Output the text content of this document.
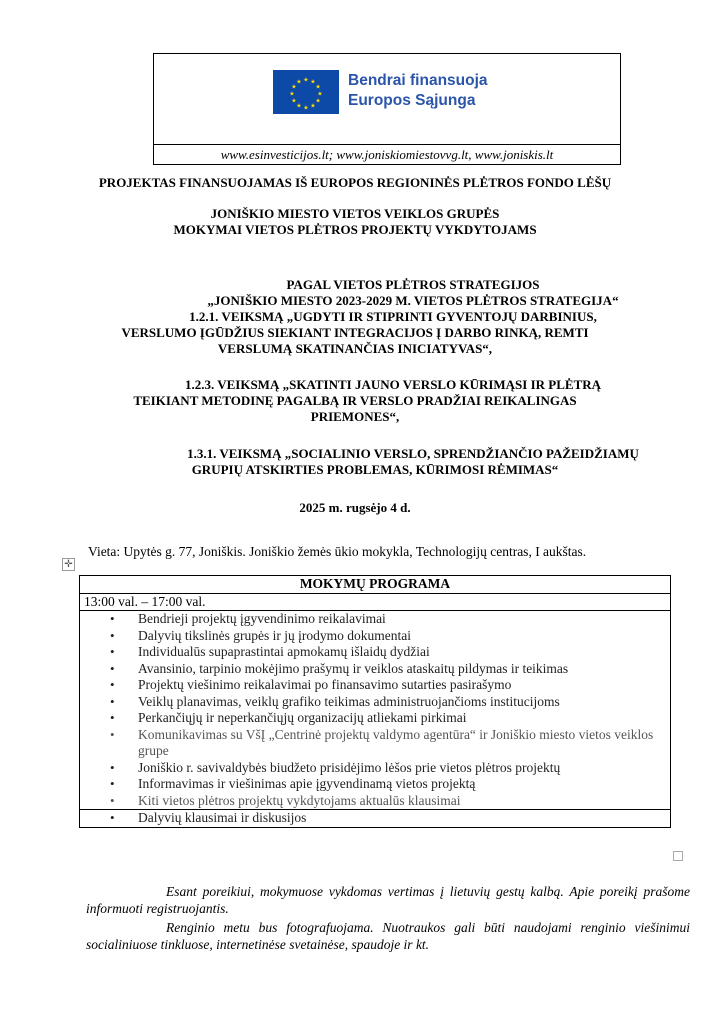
★ ★
★
★
★
★
★
★
★
★
★
★	Bendrai finansuoja
Europos Sąjunga
www.esinvesticijos.lt; www.joniskiomiestovvg.lt, www.joniskis.lt

PROJEKTAS FINANSUOJAMAS IŠ EUROPOS REGIONINĖS PLĖTROS FONDO LĖŠŲ

JONIŠKIO MIESTO VIETOS VEIKLOS GRUPĖS

MOKYMAI VIETOS PLĖTROS PROJEKTŲ VYKDYTOJAMS

PAGAL VIETOS PLĖTROS STRATEGIJOS

„JONIŠKIO MIESTO 2023-2029 M. VIETOS PLĖTROS STRATEGIJA“

1.2.1. VEIKSMĄ „UGDYTI IR STIPRINTI GYVENTOJŲ DARBINIUS,

VERSLUMO ĮGŪDŽIUS SIEKIANT INTEGRACIJOS Į DARBO RINKĄ, REMTI

VERSLUMĄ SKATINANČIAS INICIATYVAS“,

1.2.3. VEIKSMĄ „SKATINTI JAUNO VERSLO KŪRIMĄSI IR PLĖTRĄ

TEIKIANT METODINĘ PAGALBĄ IR VERSLO PRADŽIAI REIKALINGAS

PRIEMONES“,

1.3.1. VEIKSMĄ „SOCIALINIO VERSLO, SPRENDŽIANČIO PAŽEIDŽIAMŲ

GRUPIŲ ATSKIRTIES PROBLEMAS, KŪRIMOSI RĖMIMAS“

2025 m. rugsėjo 4 d.

Vieta: Upytės g. 77, Joniškis. Joniškio žemės ūkio mokykla, Technologijų centras, I aukštas.
✛
MOKYMŲ PROGRAMA
13:00 val. – 17:00 val.

• Bendrieji projektų įgyvendinimo reikalavimai
• Dalyvių tikslinės grupės ir jų įrodymo dokumentai
• Individualūs supaprastintai apmokamų išlaidų dydžiai
• Avansinio, tarpinio mokėjimo prašymų ir veiklos ataskaitų pildymas ir teikimas
• Projektų viešinimo reikalavimai po finansavimo sutarties pasirašymo
• Veiklų planavimas, veiklų grafiko teikimas administruojančioms institucijoms
• Perkančiųjų ir neperkančiųjų organizacijų atliekami pirkimai
• Komunikavimas su VšĮ „Centrinė projektų valdymo agentūra“ ir Joniškio miesto vietos veiklos grupe
• Joniškio r. savivaldybės biudžeto prisidėjimo lėšos prie vietos plėtros projektų
• Informavimas ir viešinimas apie įgyvendinamą vietos projektą
• Kiti vietos plėtros projektų vykdytojams aktualūs klausimai

• Dalyvių klausimai ir diskusijos

Esant poreikiui, mokymuose vykdomas vertimas į lietuvių gestų kalbą. Apie poreikį prašome informuoti registruojantis.

Renginio metu bus fotografuojama. Nuotraukos gali būti naudojami renginio viešinimui socialiniuose tinkluose, internetinėse svetainėse, spaudoje ir kt.
